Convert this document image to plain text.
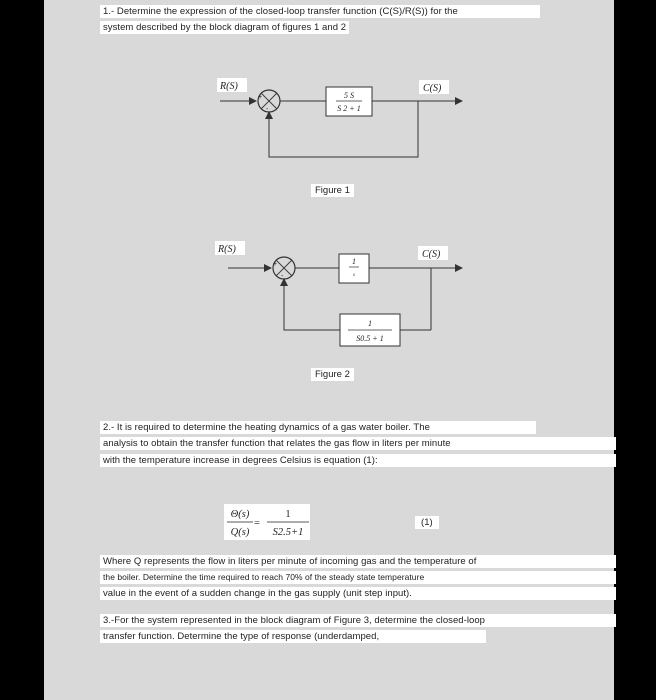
1.- Determine the expression of the closed-loop transfer function (C(S)/R(S)) for the
system described by the block diagram of figures 1 and 2
R(S)	C(S)
+
-
5 S
S 2 + 1
R(S)	C(S)
+
-
1
s
1
S0.5 + 1
Θ(s)
Q(s)
=
1
S2.5+1
Figure 1
Figure 2
2.- It is required to determine the heating dynamics of a gas water boiler. The
analysis to obtain the transfer function that relates the gas flow in liters per minute
with the temperature increase in degrees Celsius is equation (1):
(1)
Where Q represents the flow in liters per minute of incoming gas and the temperature of
the boiler. Determine the time required to reach 70% of the steady state temperature
value in the event of a sudden change in the gas supply (unit step input).
3.-For the system represented in the block diagram of Figure 3, determine the closed-loop
transfer function. Determine the type of response (underdamped,
